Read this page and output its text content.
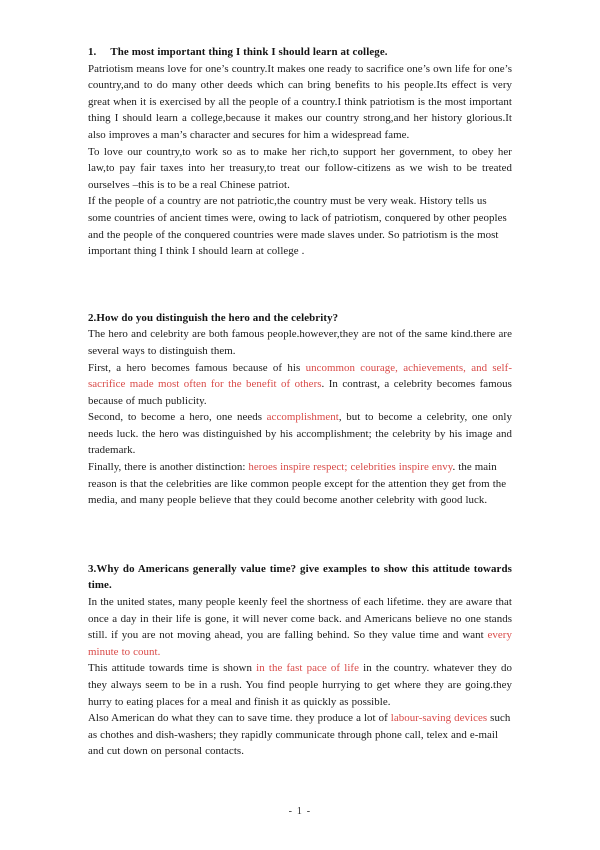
1. The most important thing I think I should learn at college.

Patriotism means love for one’s country.It makes one ready to sacrifice one’s own life for one’s country,and to do many other deeds which can bring benefits to his people.Its effect is very great when it is exercised by all the people of a country.I think patriotism is the most important thing I should learn a college,because it makes our country strong,and her history glorious.It also improves a man’s character and secures for him a widespread fame.

To love our country,to work so as to make her rich,to support her government, to obey her law,to pay fair taxes into her treasury,to treat our follow-citizens as we wish to be treated ourselves –this is to be a real Chinese patriot.

If the people of a country are not patriotic,the country must be very weak. History tells us some countries of ancient times were, owing to lack of patriotism, conquered by other peoples and the people of the conquered countries were made slaves under. So patriotism is the most important thing I think I should learn at college .

2.How do you distinguish the hero and the celebrity?

The hero and celebrity are both famous people.however,they are not of the same kind.there are several ways to distinguish them.

First, a hero becomes famous because of his uncommon courage, achievements, and self-sacrifice made most often for the benefit of others. In contrast, a celebrity becomes famous because of much publicity.

Second, to become a hero, one needs accomplishment, but to become a celebrity, one only needs luck. the hero was distinguished by his accomplishment; the celebrity by his image and trademark.

Finally, there is another distinction: heroes inspire respect; celebrities inspire envy. the main reason is that the celebrities are like common people except for the attention they get from the media, and many people believe that they could become another celebrity with good luck.

3.Why do Americans generally value time? give examples to show this attitude towards time.

In the united states, many people keenly feel the shortness of each lifetime. they are aware that once a day in their life is gone, it will never come back. and Americans believe no one stands still. if you are not moving ahead, you are falling behind. So they value time and want every minute to count.

This attitude towards time is shown in the fast pace of life in the country. whatever they do they always seem to be in a rush. You find people hurrying to get where they are going.they hurry to eating places for a meal and finish it as quickly as possible.

Also American do what they can to save time. they produce a lot of labour-saving devices such as chothes and dish-washers; they rapidly communicate through phone call, telex and e-mail and cut down on personal contacts.

- 1 -
